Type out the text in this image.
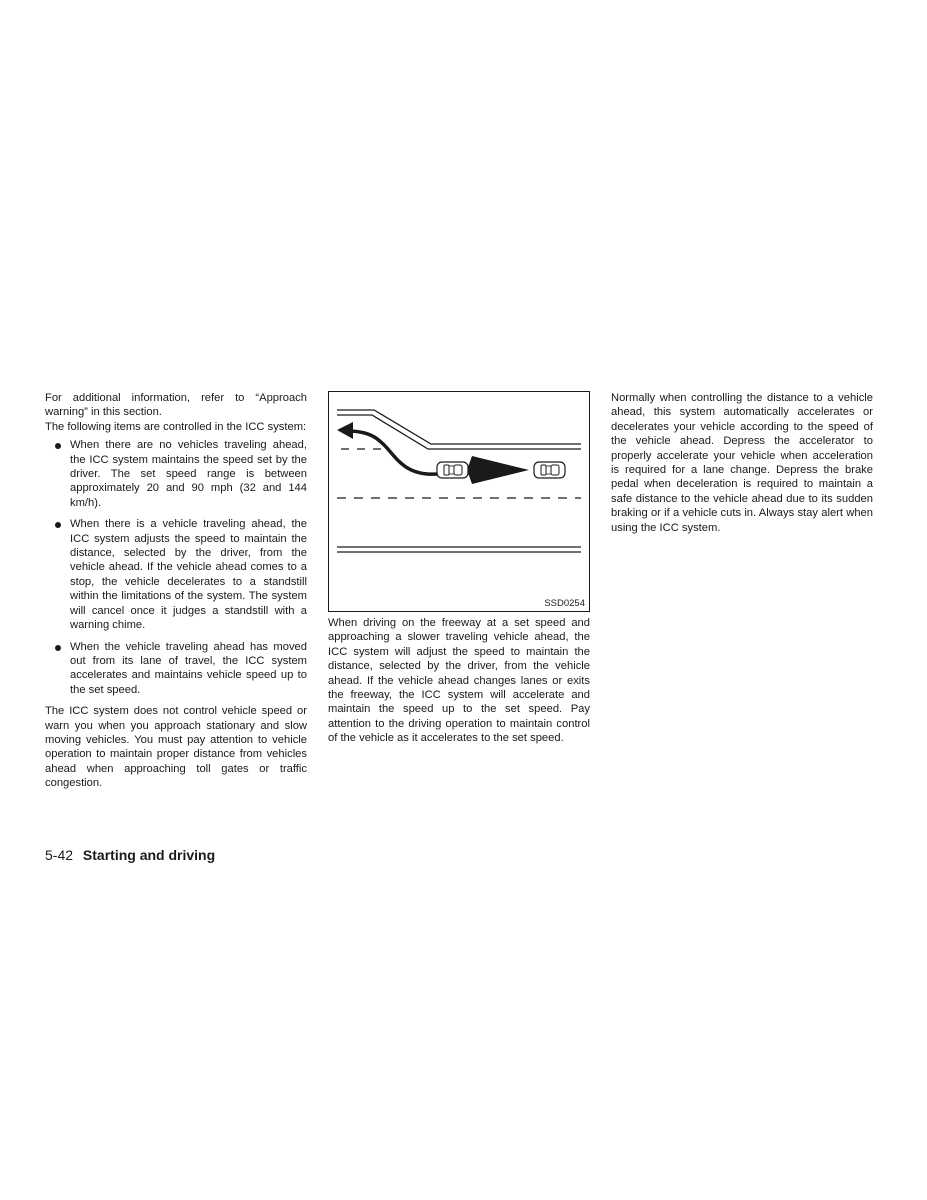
For additional information, refer to “Approach warning” in this section.

The following items are controlled in the ICC system:

When there are no vehicles traveling ahead, the ICC system maintains the speed set by the driver. The set speed range is between approximately 20 and 90 mph (32 and 144 km/h).
When there is a vehicle traveling ahead, the ICC system adjusts the speed to maintain the distance, selected by the driver, from the vehicle ahead. If the vehicle ahead comes to a stop, the vehicle decelerates to a standstill within the limitations of the system. The system will cancel once it judges a standstill with a warning chime.
When the vehicle traveling ahead has moved out from its lane of travel, the ICC system accelerates and maintains vehicle speed up to the set speed.

The ICC system does not control vehicle speed or warn you when you approach stationary and slow moving vehicles. You must pay attention to vehicle operation to maintain proper distance from vehicles ahead when approaching toll gates or traffic congestion.

SSD0254

When driving on the freeway at a set speed and approaching a slower traveling vehicle ahead, the ICC system will adjust the speed to maintain the distance, selected by the driver, from the vehicle ahead. If the vehicle ahead changes lanes or exits the freeway, the ICC system will accelerate and maintain the speed up to the set speed. Pay attention to the driving operation to maintain control of the vehicle as it accelerates to the set speed.

Normally when controlling the distance to a vehicle ahead, this system automatically accelerates or decelerates your vehicle according to the speed of the vehicle ahead. Depress the accelerator to properly accelerate your vehicle when acceleration is required for a lane change. Depress the brake pedal when deceleration is required to maintain a safe distance to the vehicle ahead due to its sudden braking or if a vehicle cuts in. Always stay alert when using the ICC system.

5-42 Starting and driving
